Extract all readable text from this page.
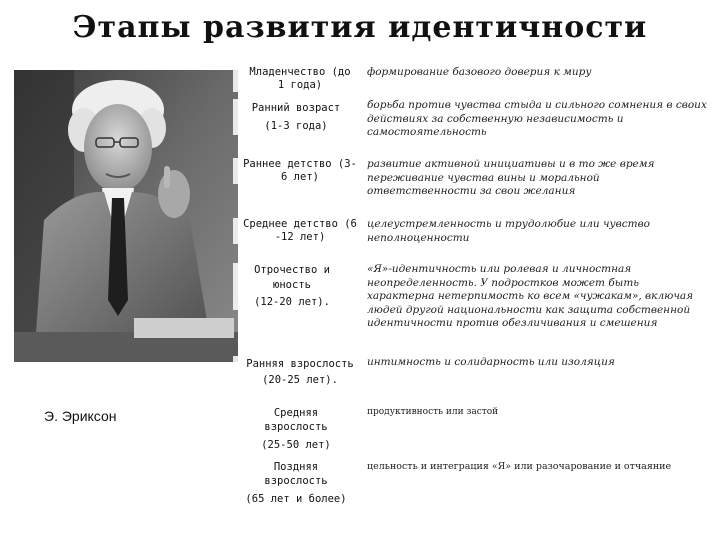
Этапы развития идентичности
Э. Эриксон
Младенчество (до
1 года)
формирование базового доверия к миру
Ранний возраст
(1-3 года)
борьба против чувства стыда и сильного сомнения в своих действиях за собственную независимость и самостоятельность
Раннее детство (3-
6 лет)
развитие активной инициативы и в то же время переживание чувства вины и моральной ответственности за свои желания
Среднее детство (6
-12 лет)
целеустремленность и трудолюбие или чувство неполноценности
Отрочество и
юность
(12-20 лет).
«Я»-идентичность или ролевая и личностная неопределенность. У подростков может быть характерна нетерпимость ко всем «чужакам», включая людей другой национальности как защита собственной идентичности против обезличивания и смешения
Ранняя взрослость
(20-25 лет).
интимность и солидарность или изоляция
Средняя
взрослость
(25-50 лет)
продуктивность или застой
Поздняя
взрослость
(65 лет и более)
цельность и интеграция «Я» или разочарование и отчаяние
